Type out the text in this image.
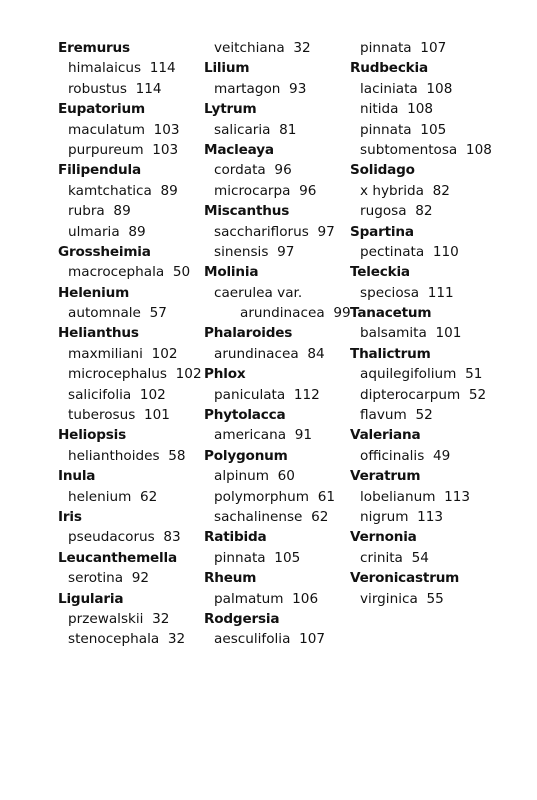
Eremurus
himalaicus 114
robustus 114
Eupatorium
maculatum 103
purpureum 103
Filipendula
kamtchatica 89
rubra 89
ulmaria 89
Grossheimia
macrocephala 50
Helenium
automnale 57
Helianthus
maxmiliani 102
microcephalus 102
salicifolia 102
tuberosus 101
Heliopsis
helianthoides 58
Inula
helenium 62
Iris
pseudacorus 83
Leucanthemella
serotina 92
Ligularia
przewalskii 32
stenocephala 32
veitchiana 32
Lilium
martagon 93
Lytrum
salicaria 81
Macleaya
cordata 96
microcarpa 96
Miscanthus
sacchariflorus 97
sinensis 97
Molinia
caerulea var.
arundinacea 99
Phalaroides
arundinacea 84
Phlox
paniculata 112
Phytolacca
americana 91
Polygonum
alpinum 60
polymorphum 61
sachalinense 62
Ratibida
pinnata 105
Rheum
palmatum 106
Rodgersia
aesculifolia 107
pinnata 107
Rudbeckia
laciniata 108
nitida 108
pinnata 105
subtomentosa 108
Solidago
x hybrida 82
rugosa 82
Spartina
pectinata 110
Teleckia
speciosa 111
Tanacetum
balsamita 101
Thalictrum
aquilegifolium 51
dipterocarpum 52
flavum 52
Valeriana
officinalis 49
Veratrum
lobelianum 113
nigrum 113
Vernonia
crinita 54
Veronicastrum
virginica 55
